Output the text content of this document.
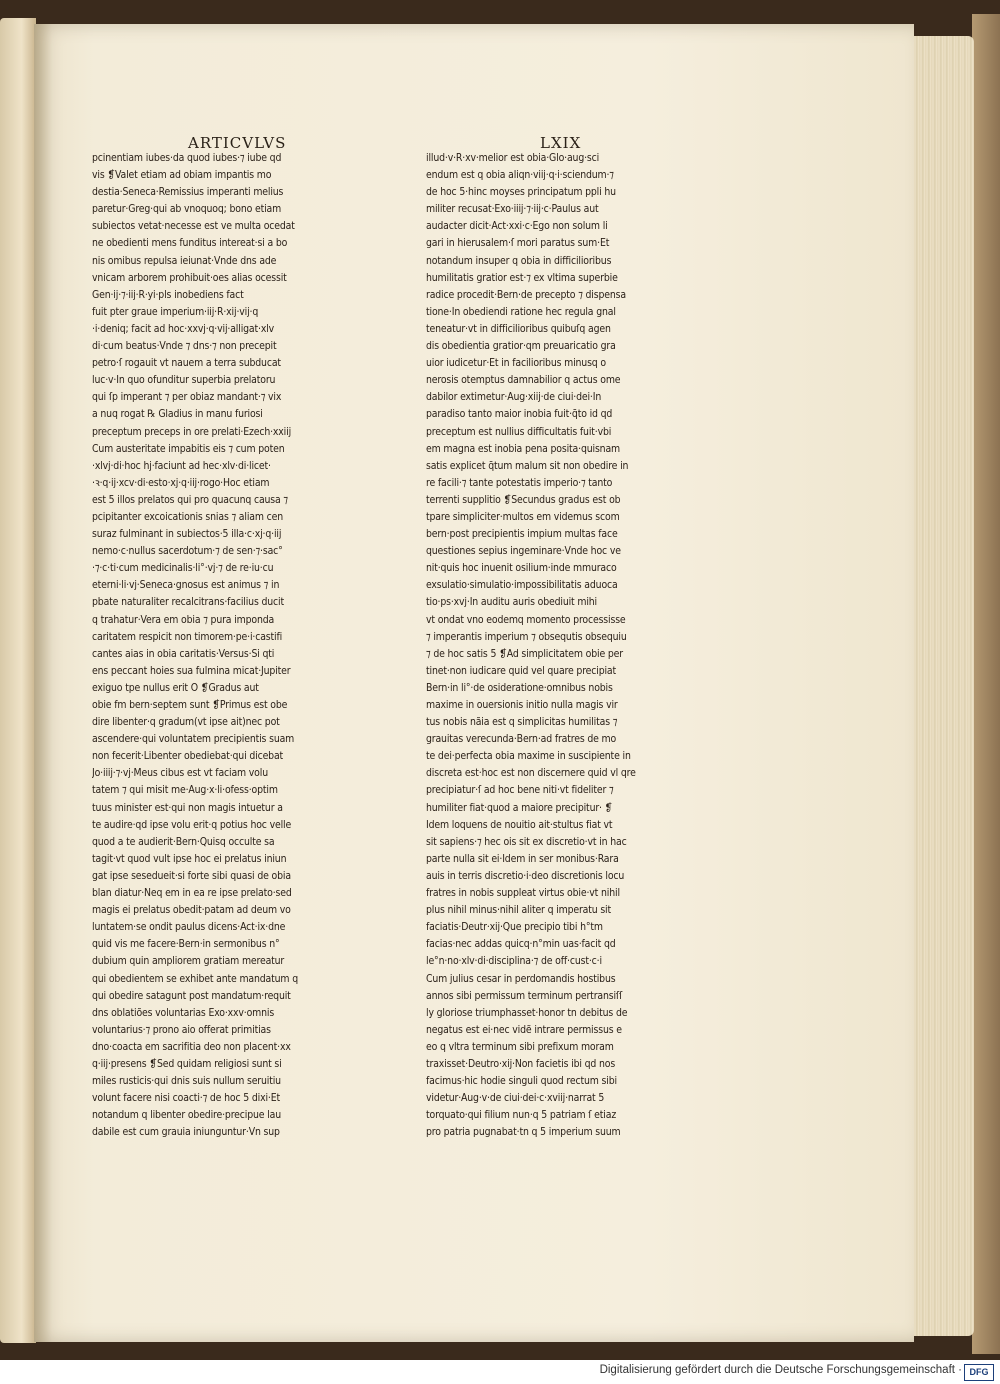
ARTICVLVS	LXIX
pcinentiam iubes·da quod iubes·⁊ iube qd
vis ❡Valet etiam ad obiam impantis mo
destia·Seneca·Remissius imperanti melius
paretur·Greg·qui ab vnoquoq; bono etiam
subiectos vetat·necesse est ve multa ocedat
ne obedienti mens funditus intereat·si a bo
nis omibus repulsa ieiunat·Vnde dns ade
vnicam arborem prohibuit·oes alias ocessit
Gen·ij·⁊·iij·R·yi·pls inobediens fact
fuit pter graue imperium·iij·R·xij·vij·q
·i·deniq; facit ad hoc·xxvj·q·vij·alligat·xlv
di·cum beatus·Vnde ⁊ dns·⁊ non precepit
petro·ſ rogauit vt nauem a terra subducat
luc·v·In quo ofunditur superbia prelatoru
qui ſp imperant ⁊ per obiaz mandant·⁊ vix
a nuq rogat ℞ Gladius in manu furiosi
preceptum preceps in ore prelati·Ezech·xxiij
Cum austeritate impabitis eis ⁊ cum poten
·xlvj·di·hoc hj·faciunt ad hec·xlv·di·licet·
·ꝛ·q·ij·xcv·di·esto·xj·q·iij·rogo·Hoc etiam
est 5 illos prelatos qui pro quacunq causa ⁊
pcipitanter excoicationis snias ⁊ aliam cen
suraz fulminant in subiectos·5 illa·c·xj·q·iij
nemo·c·nullus sacerdotum·⁊ de sen·⁊·sac°
·⁊·c·ti·cum medicinalis·li°·vj·⁊ de re·iu·cu
eterni·li·vj·Seneca·gnosus est animus ⁊ in
pbate naturaliter recalcitrans·facilius ducit
q trahatur·Vera em obia ⁊ pura imponda
caritatem respicit non timorem·pe·i·castifi
cantes aias in obia caritatis·Versus·Si qti
ens peccant hoies sua fulmina micat·Jupiter
exiguo tpe nullus erit O ❡Gradus aut
obie fm bern·septem sunt ❡Primus est obe
dire libenter·q gradum(vt ipse ait)nec pot
ascendere·qui voluntatem precipientis suam
non fecerit·Libenter obediebat·qui dicebat
Jo·iiij·⁊·vj·Meus cibus est vt faciam volu
tatem ⁊ qui misit me·Aug·x·li·ofess·optim
tuus minister est·qui non magis intuetur a
te audire·qd ipse volu erit·q potius hoc velle
quod a te audierit·Bern·Quisq occulte sa
tagit·vt quod vult ipse hoc ei prelatus iniun
gat ipse sesedueit·si forte sibi quasi de obia
blan diatur·Neq em in ea re ipse prelato·sed
magis ei prelatus obedit·patam ad deum vo
luntatem·se ondit paulus dicens·Act·ix·dne
quid vis me facere·Bern·in sermonibus n°
dubium quin ampliorem gratiam mereatur
qui obedientem se exhibet ante mandatum q
qui obedire satagunt post mandatum·requit
dns oblatiões voluntarias Exo·xxv·omnis
voluntarius·⁊ prono aio offerat primitias
dno·coacta em sacrifitia deo non placent·xx
q·iij·presens ❡Sed quidam religiosi sunt si
miles rusticis·qui dnis suis nullum seruitiu
volunt facere nisi coacti·⁊ de hoc 5 dixi·Et
notandum q libenter obedire·precipue lau
dabile est cum grauia iniunguntur·Vn sup
illud·v·R·xv·melior est obia·Glo·aug·sci
endum est q obia aliqn·viij·q·i·sciendum·⁊
de hoc 5·hinc moyses principatum ppli hu
militer recusat·Exo·iiij·⁊·iij·c·Paulus aut
audacter dicit·Act·xxi·c·Ego non solum li
gari in hierusalem·ſ mori paratus sum·Et
notandum insuper q obia in difficilioribus
humilitatis gratior est·⁊ ex vltima superbie
radice procedit·Bern·de precepto ⁊ dispensa
tione·In obediendi ratione hec regula gnal
teneatur·vt in difficilioribus quibuſq agen
dis obedientia gratior·qm preuaricatio gra
uior iudicetur·Et in facilioribus minusq o
nerosis otemptus damnabilior q actus ome
dabilor extimetur·Aug·xiij·de ciui·dei·In
paradiso tanto maior inobia fuit·q̄to id qd
preceptum est nullius difficultatis fuit·vbi
em magna est inobia pena posita·quisnam
satis explicet q̄tum malum sit non obedire in
re facili·⁊ tante potestatis imperio·⁊ tanto
terrenti supplitio ❡Secundus gradus est ob
tpare simpliciter·multos em videmus scom
bern·post precipientis impium multas face
questiones sepius ingeminare·Vnde hoc ve
nit·quis hoc inuenit osilium·inde mmuraco
exsulatio·simulatio·impossibilitatis aduoca
tio·ps·xvj·In auditu auris obediuit mihi
vt ondat vno eodemq momento processisse
⁊ imperantis imperium ⁊ obsequtis obsequiu
⁊ de hoc satis 5 ❡Ad simplicitatem obie per
tinet·non iudicare quid vel quare precipiat
Bern·in li°·de osideratione·omnibus nobis
maxime in ouersionis initio nulla magis vir
tus nobis nãia est q simplicitas humilitas ⁊
grauitas verecunda·Bern·ad fratres de mo
te dei·perfecta obia maxime in suscipiente in
discreta est·hoc est non discernere quid vl qre
precipiatur·ſ ad hoc bene niti·vt fideliter ⁊
humiliter fiat·quod a maiore precipitur· ❡
Idem loquens de nouitio ait·stultus fiat vt
sit sapiens·⁊ hec ois sit ex discretio·vt in hac
parte nulla sit ei·Idem in ser monibus·Rara
auis in terris discretio·i·deo discretionis locu
fratres in nobis suppleat virtus obie·vt nihil
plus nihil minus·nihil aliter q imperatu sit
faciatis·Deutr·xij·Que precipio tibi h°tm
facias·nec addas quicq·n°min uas·facit qd
le°n·no·xlv·di·disciplina·⁊ de off·cust·c·i
Cum julius cesar in perdomandis hostibus
annos sibi permissum terminum pertransiſſ
ly gloriose triumphasset·honor tn debitus de
negatus est ei·nec vidẽ intrare permissus e
eo q vltra terminum sibi prefixum moram
traxisset·Deutro·xij·Non facietis ibi qd nos
facimus·hic hodie singuli quod rectum sibi
videtur·Aug·v·de ciui·dei·c·xviij·narrat 5
torquato·qui filium nun·q 5 patriam ſ etiaz
pro patria pugnabat·tn q 5 imperium suum
Digitalisierung gefördert durch die Deutsche Forschungsgemeinschaft · DFG
